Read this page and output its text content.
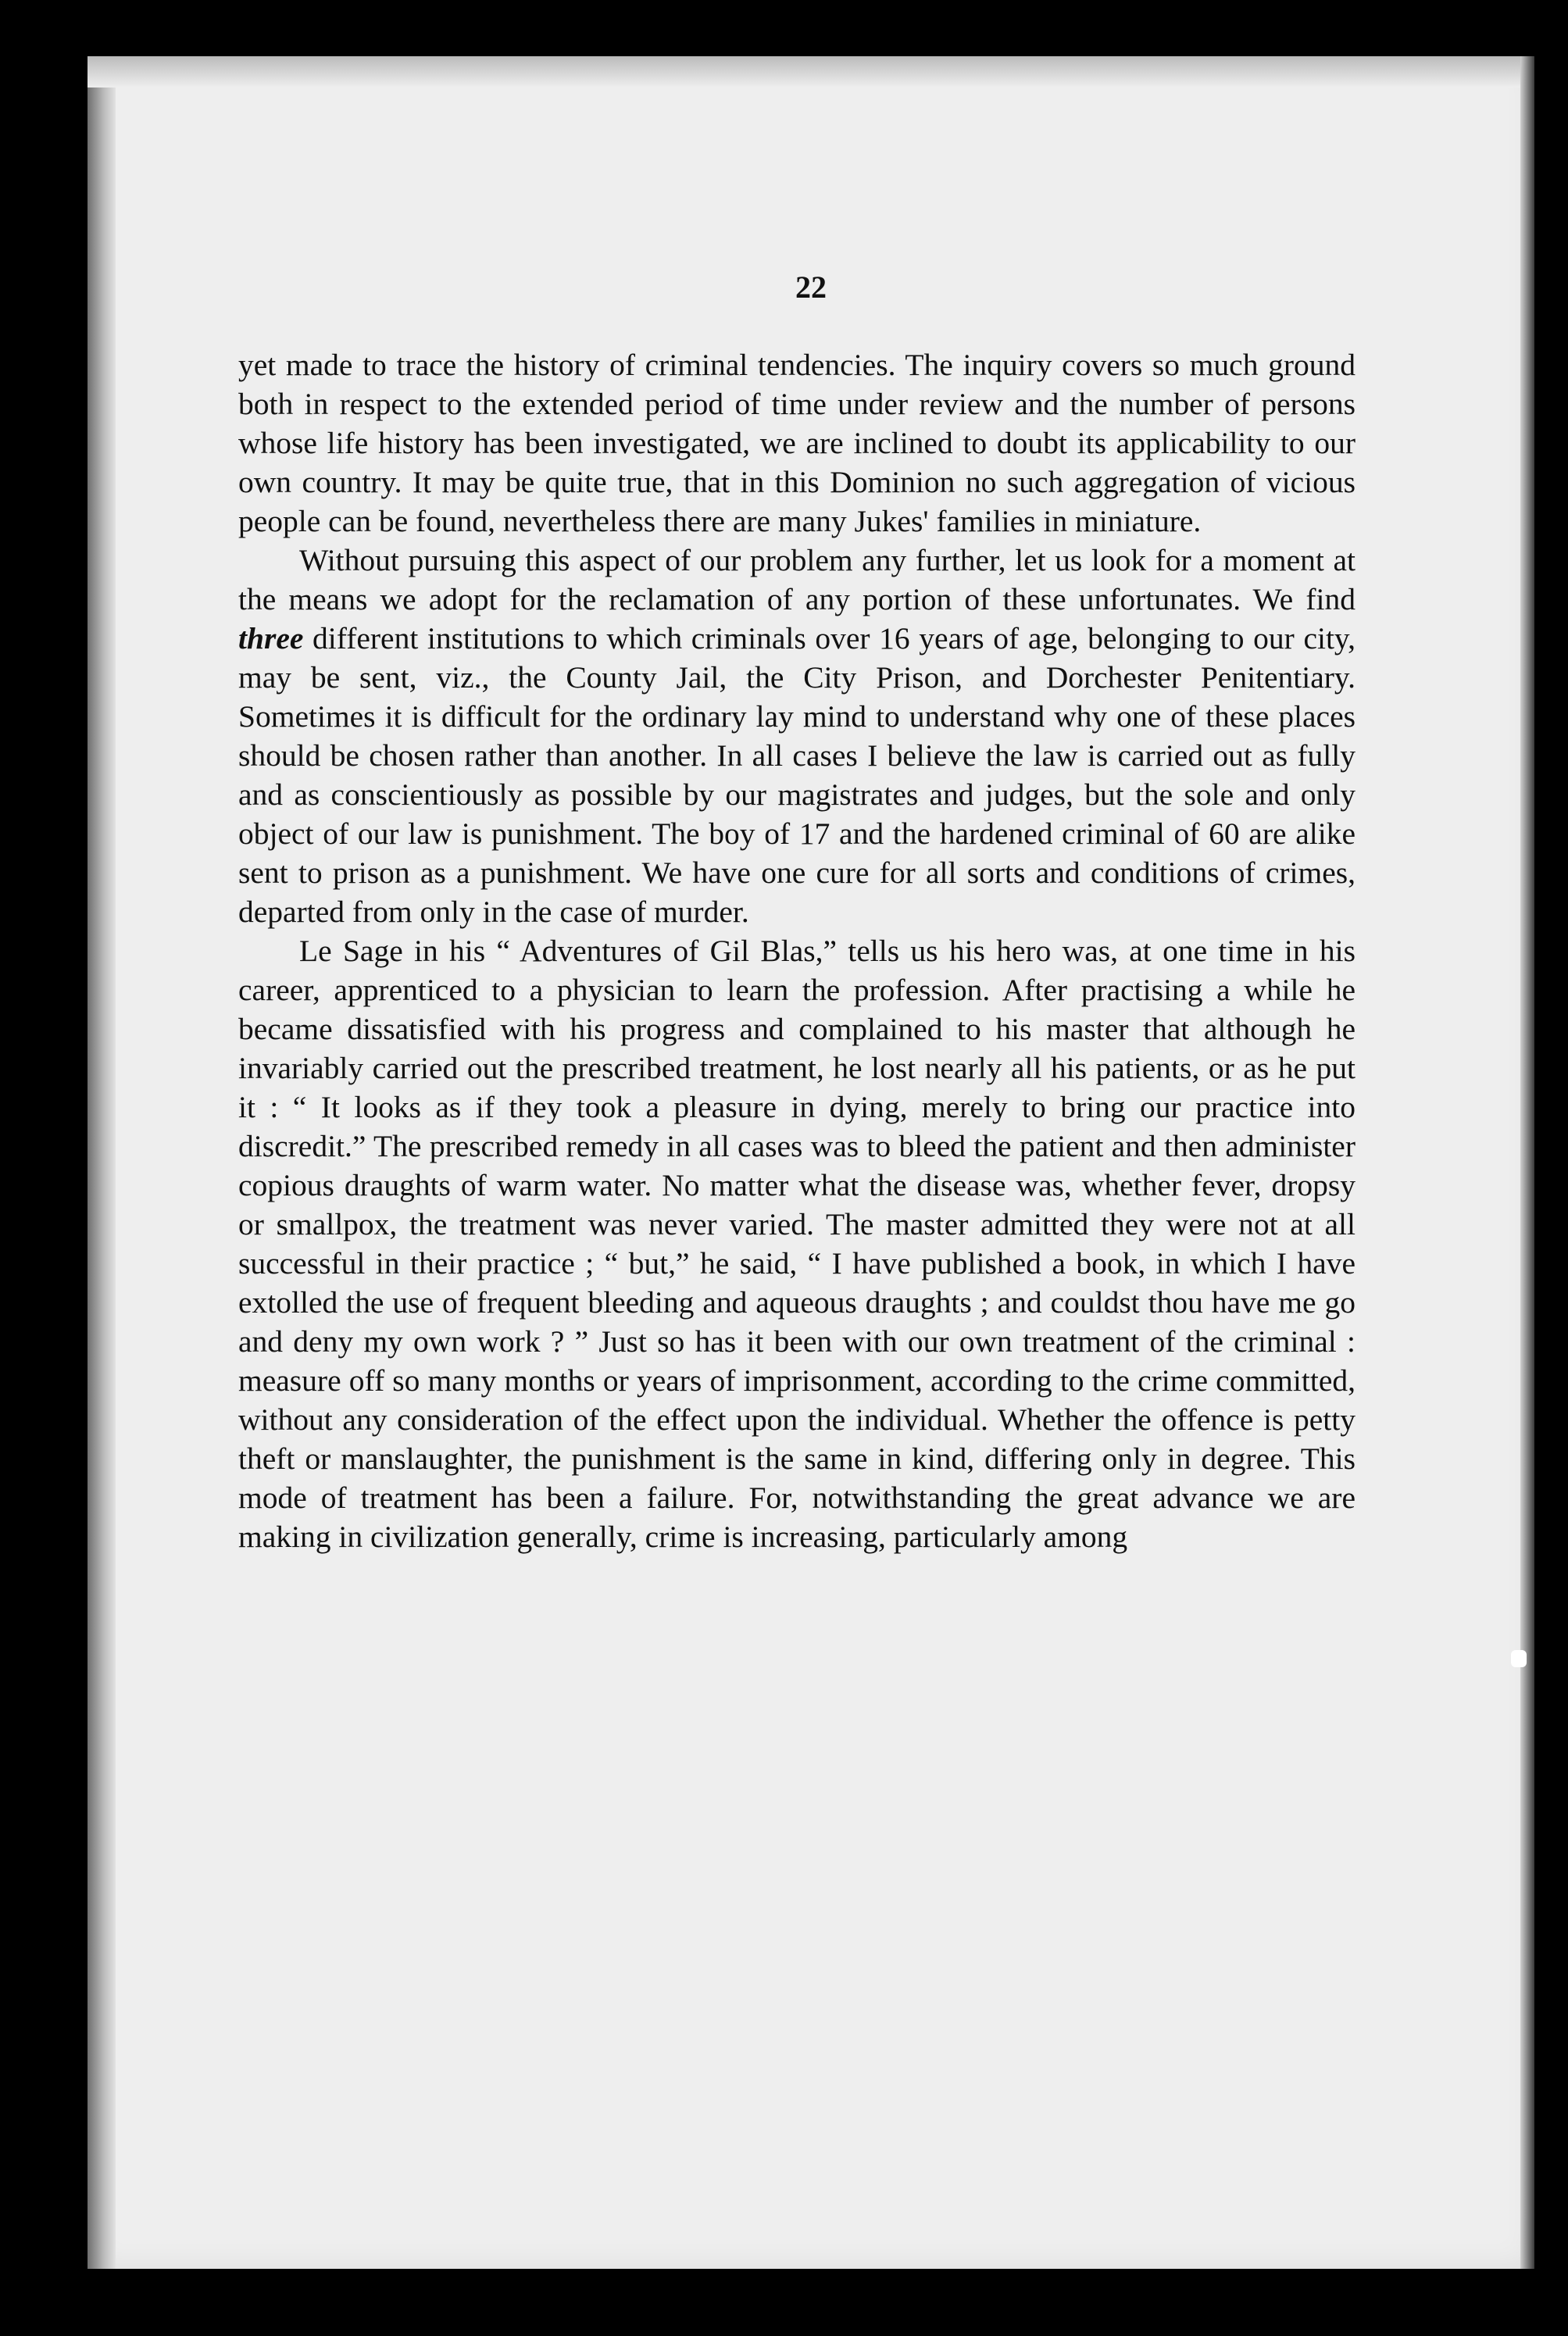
22

yet made to trace the history of criminal tendencies. The inquiry covers so much ground both in respect to the extended period of time under review and the number of persons whose life history has been investigated, we are inclined to doubt its applicability to our own country. It may be quite true, that in this Dominion no such aggregation of vicious people can be found, nevertheless there are many Jukes' families in miniature.

Without pursuing this aspect of our problem any further, let us look for a moment at the means we adopt for the reclamation of any portion of these unfortunates. We find three different institutions to which criminals over 16 years of age, belonging to our city, may be sent, viz., the County Jail, the City Prison, and Dorchester Penitentiary. Sometimes it is difficult for the ordinary lay mind to understand why one of these places should be chosen rather than another. In all cases I believe the law is carried out as fully and as conscientiously as possible by our magistrates and judges, but the sole and only object of our law is punishment. The boy of 17 and the hardened criminal of 60 are alike sent to prison as a punishment. We have one cure for all sorts and conditions of crimes, departed from only in the case of murder.

Le Sage in his “ Adventures of Gil Blas,” tells us his hero was, at one time in his career, apprenticed to a physician to learn the profession. After practising a while he became dissatisfied with his progress and complained to his master that although he invariably carried out the prescribed treatment, he lost nearly all his patients, or as he put it : “ It looks as if they took a pleasure in dying, merely to bring our practice into discredit.” The prescribed remedy in all cases was to bleed the patient and then administer copious draughts of warm water. No matter what the disease was, whether fever, dropsy or smallpox, the treatment was never varied. The master admitted they were not at all successful in their practice ; “ but,” he said, “ I have published a book, in which I have extolled the use of frequent bleeding and aqueous draughts ; and couldst thou have me go and deny my own work ? ” Just so has it been with our own treatment of the criminal : measure off so many months or years of imprisonment, according to the crime committed, without any consideration of the effect upon the individual. Whether the offence is petty theft or manslaughter, the punishment is the same in kind, differing only in degree. This mode of treatment has been a failure. For, notwithstanding the great advance we are making in civilization generally, crime is increasing, particularly among
